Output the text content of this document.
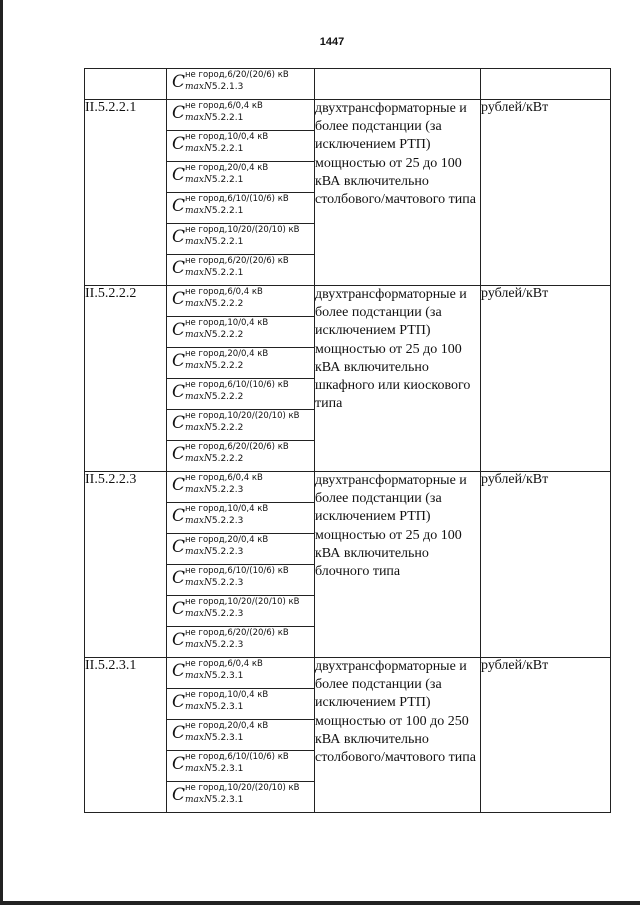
1447

	C не город,6/20/(20/6) кВ
maxN5.2.1.3		

II.5.2.2.1	C не город,6/0,4 кВ
maxN5.2.2.1	двухтрансформаторные и более подстанции (за исключением РТП) мощностью от 25 до 100 кВА включительно столбового/мачтового типа	рублей/кВт

	C не город,10/0,4 кВ
maxN5.2.2.1		

	C не город,20/0,4 кВ
maxN5.2.2.1		

	C не город,6/10/(10/6) кВ
maxN5.2.2.1		

	C не город,10/20/(20/10) кВ
maxN5.2.2.1		

	C не город,6/20/(20/6) кВ
maxN5.2.2.1		

II.5.2.2.2	C не город,6/0,4 кВ
maxN5.2.2.2	двухтрансформаторные и более подстанции (за исключением РТП) мощностью от 25 до 100 кВА включительно шкафного или киоскового типа	рублей/кВт

	C не город,10/0,4 кВ
maxN5.2.2.2		

	C не город,20/0,4 кВ
maxN5.2.2.2		

	C не город,6/10/(10/6) кВ
maxN5.2.2.2		

	C не город,10/20/(20/10) кВ
maxN5.2.2.2		

	C не город,6/20/(20/6) кВ
maxN5.2.2.2		

II.5.2.2.3	C не город,6/0,4 кВ
maxN5.2.2.3	двухтрансформаторные и более подстанции (за исключением РТП) мощностью от 25 до 100 кВА включительно блочного типа	рублей/кВт

	C не город,10/0,4 кВ
maxN5.2.2.3		

	C не город,20/0,4 кВ
maxN5.2.2.3		

	C не город,6/10/(10/6) кВ
maxN5.2.2.3		

	C не город,10/20/(20/10) кВ
maxN5.2.2.3		

	C не город,6/20/(20/6) кВ
maxN5.2.2.3		

II.5.2.3.1	C не город,6/0,4 кВ
maxN5.2.3.1	двухтрансформаторные и более подстанции (за исключением РТП) мощностью от 100 до 250 кВА включительно столбового/мачтового типа	рублей/кВт

	C не город,10/0,4 кВ
maxN5.2.3.1		

	C не город,20/0,4 кВ
maxN5.2.3.1		

	C не город,6/10/(10/6) кВ
maxN5.2.3.1		

	C не город,10/20/(20/10) кВ
maxN5.2.3.1		
